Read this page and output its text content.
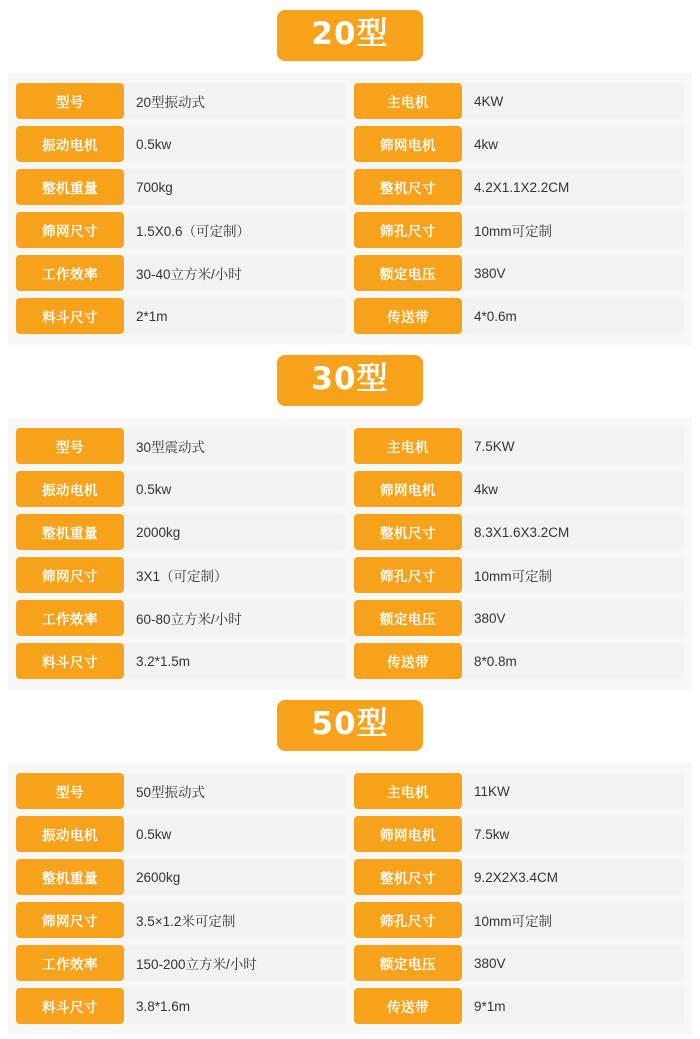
20型
型号	20型振动式	主电机	4KW
振动电机	0.5kw	筛网电机	4kw
整机重量	700kg	整机尺寸	4.2X1.1X2.2CM
筛网尺寸	1.5X0.6（可定制）	筛孔尺寸	10mm可定制
工作效率	30-40立方米/小时	额定电压	380V
料斗尺寸	2*1m	传送带	4*0.6m
30型
型号	30型震动式	主电机	7.5KW
振动电机	0.5kw	筛网电机	4kw
整机重量	2000kg	整机尺寸	8.3X1.6X3.2CM
筛网尺寸	3X1（可定制）	筛孔尺寸	10mm可定制
工作效率	60-80立方米/小时	额定电压	380V
料斗尺寸	3.2*1.5m	传送带	8*0.8m
50型
型号	50型振动式	主电机	11KW
振动电机	0.5kw	筛网电机	7.5kw
整机重量	2600kg	整机尺寸	9.2X2X3.4CM
筛网尺寸	3.5×1.2米可定制	筛孔尺寸	10mm可定制
工作效率	150-200立方米/小时	额定电压	380V
料斗尺寸	3.8*1.6m	传送带	9*1m
